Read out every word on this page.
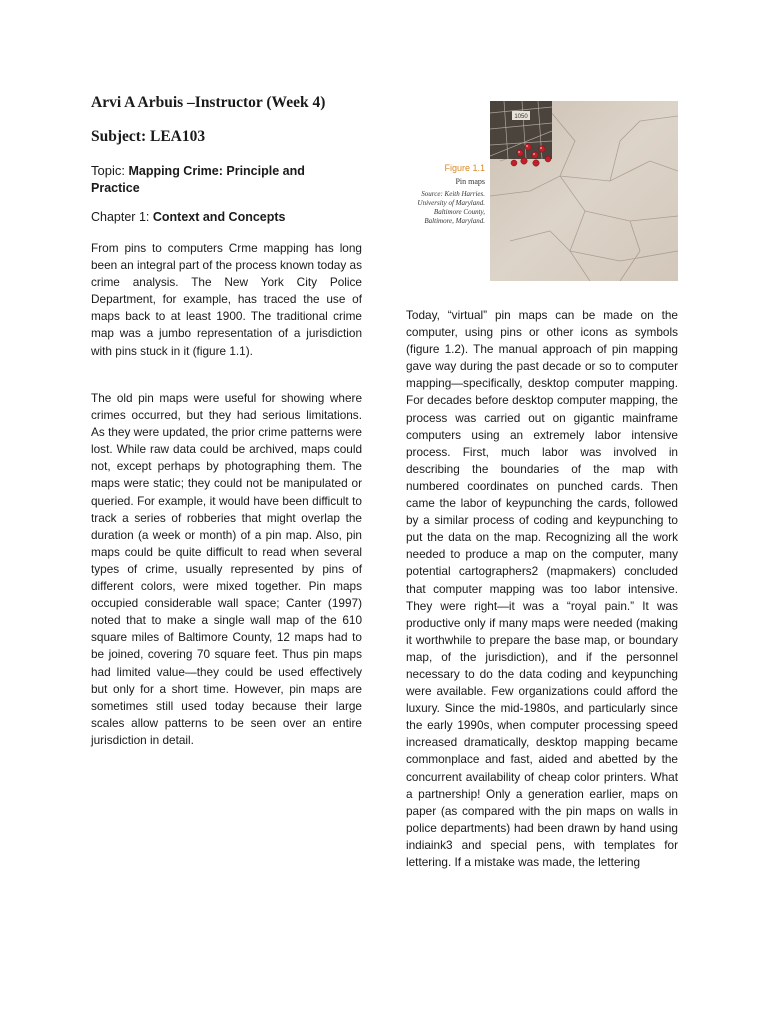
Arvi A Arbuis –Instructor (Week 4)
Subject: LEA103
Topic: Mapping Crime: Principle and Practice
Chapter 1: Context and Concepts

From pins to computers Crme mapping has long been an integral part of the process known today as crime analysis. The New York City Police Department, for example, has traced the use of maps back to at least 1900. The traditional crime map was a jumbo representation of a jurisdiction with pins stuck in it (figure 1.1).

The old pin maps were useful for showing where crimes occurred, but they had serious limitations. As they were updated, the prior crime patterns were lost. While raw data could be archived, maps could not, except perhaps by photographing them. The maps were static; they could not be manipulated or queried. For example, it would have been difficult to track a series of robberies that might overlap the duration (a week or month) of a pin map. Also, pin maps could be quite difficult to read when several types of crime, usually represented by pins of different colors, were mixed together. Pin maps occupied considerable wall space; Canter (1997) noted that to make a single wall map of the 610 square miles of Baltimore County, 12 maps had to be joined, covering 70 square feet. Thus pin maps had limited value—they could be used effectively but only for a short time. However, pin maps are sometimes still used today because their large scales allow patterns to be seen over an entire jurisdiction in detail.

Today, “virtual” pin maps can be made on the computer, using pins or other icons as symbols (figure 1.2). The manual approach of pin mapping gave way during the past decade or so to computer mapping—specifically, desktop computer mapping. For decades before desktop computer mapping, the process was carried out on gigantic mainframe computers using an extremely labor intensive process. First, much labor was involved in describing the boundaries of the map with numbered coordinates on punched cards. Then came the labor of keypunching the cards, followed by a similar process of coding and keypunching to put the data on the map. Recognizing all the work needed to produce a map on the computer, many potential cartographers2 (mapmakers) concluded that computer mapping was too labor intensive. They were right—it was a “royal pain.” It was productive only if many maps were needed (making it worthwhile to prepare the base map, or boundary map, of the jurisdiction), and if the personnel necessary to do the data coding and keypunching were available. Few organizations could afford the luxury. Since the mid-1980s, and particularly since the early 1990s, when computer processing speed increased dramatically, desktop mapping became commonplace and fast, aided and abetted by the concurrent availability of cheap color printers. What a partnership! Only a generation earlier, maps on paper (as compared with the pin maps on walls in police departments) had been drawn by hand using indiaink3 and special pens, with templates for lettering. If a mistake was made, the lettering

Figure 1.1
Pin maps
Source: Keith Harries.
University of Maryland.
Baltimore County,
Baltimore, Maryland.
1050
